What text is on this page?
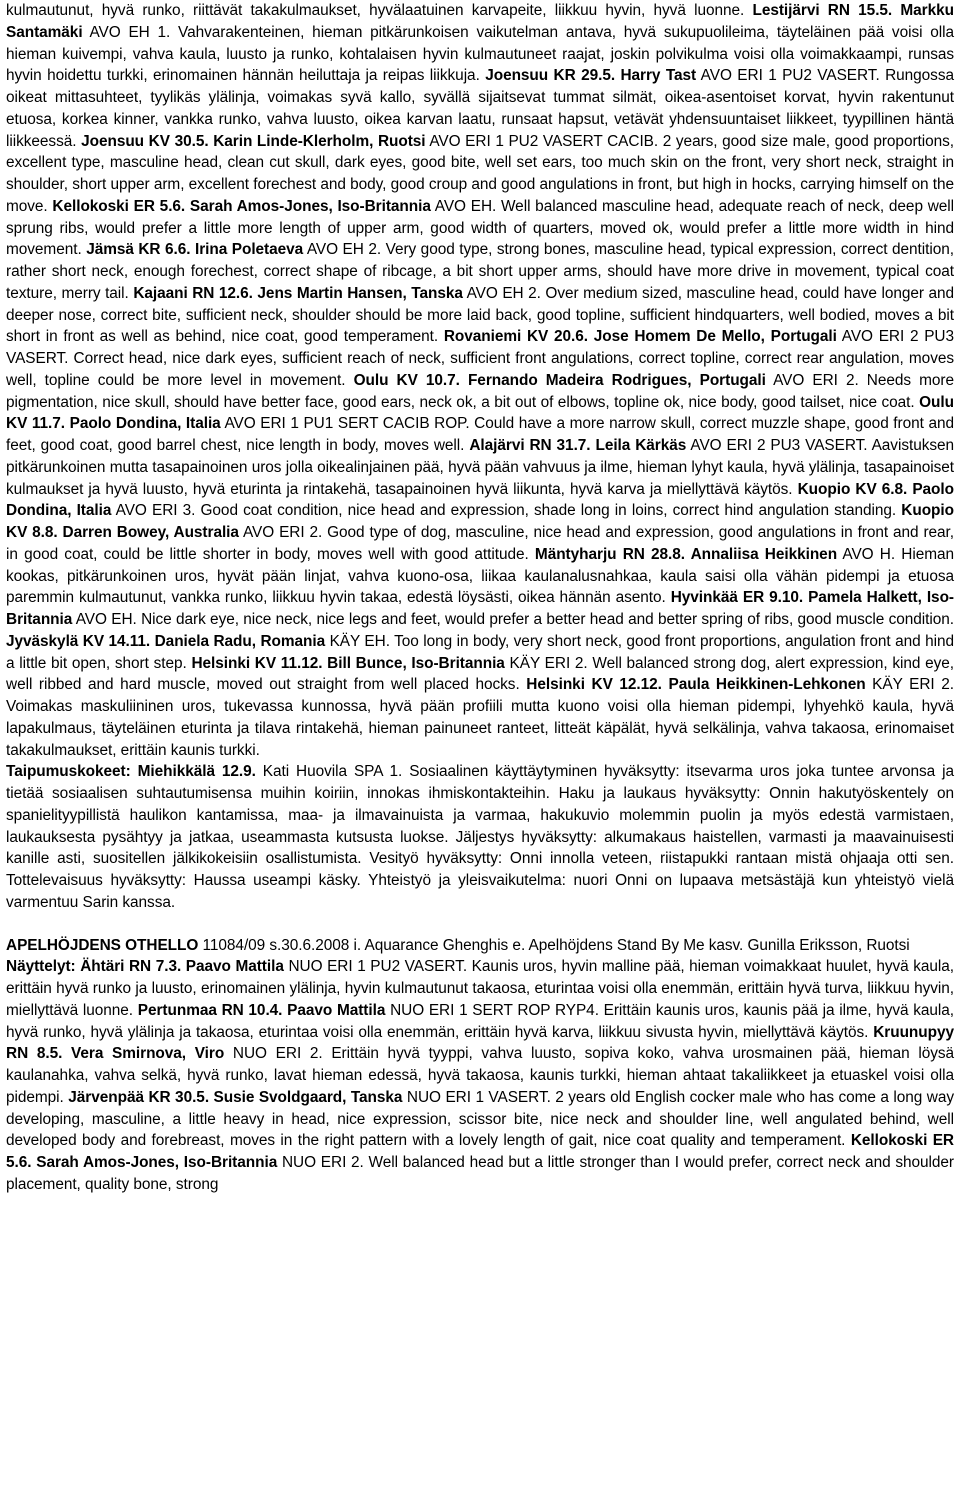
kulmautunut, hyvä runko, riittävät takakulmaukset, hyvälaatuinen karvapeite, liikkuu hyvin, hyvä luonne. Lestijärvi RN 15.5. Markku Santamäki AVO EH 1. Vahvarakenteinen, hieman pitkärunkoisen vaikutelman antava, hyvä sukupuolileima, täyteläinen pää voisi olla hieman kuivempi, vahva kaula, luusto ja runko, kohtalaisen hyvin kulmautuneet raajat, joskin polvikulma voisi olla voimakkaampi, runsas hyvin hoidettu turkki, erinomainen hännän heiluttaja ja reipas liikkuja. Joensuu KR 29.5. Harry Tast AVO ERI 1 PU2 VASERT. Rungossa oikeat mittasuhteet, tyylikäs ylälinja, voimakas syvä kallo, syvällä sijaitsevat tummat silmät, oikea-asentoiset korvat, hyvin rakentunut etuosa, korkea kinner, vankka runko, vahva luusto, oikea karvan laatu, runsaat hapsut, vetävät yhdensuuntaiset liikkeet, tyypillinen häntä liikkeessä. Joensuu KV 30.5. Karin Linde-Klerholm, Ruotsi AVO ERI 1 PU2 VASERT CACIB. 2 years, good size male, good proportions, excellent type, masculine head, clean cut skull, dark eyes, good bite, well set ears, too much skin on the front, very short neck, straight in shoulder, short upper arm, excellent forechest and body, good croup and good angulations in front, but high in hocks, carrying himself on the move. Kellokoski ER 5.6. Sarah Amos-Jones, Iso-Britannia AVO EH. Well balanced masculine head, adequate reach of neck, deep well sprung ribs, would prefer a little more length of upper arm, good width of quarters, moved ok, would prefer a little more width in hind movement. Jämsä KR 6.6. Irina Poletaeva AVO EH 2. Very good type, strong bones, masculine head, typical expression, correct dentition, rather short neck, enough forechest, correct shape of ribcage, a bit short upper arms, should have more drive in movement, typical coat texture, merry tail. Kajaani RN 12.6. Jens Martin Hansen, Tanska AVO EH 2. Over medium sized, masculine head, could have longer and deeper nose, correct bite, sufficient neck, shoulder should be more laid back, good topline, sufficient hindquarters, well bodied, moves a bit short in front as well as behind, nice coat, good temperament. Rovaniemi KV 20.6. Jose Homem De Mello, Portugali AVO ERI 2 PU3 VASERT. Correct head, nice dark eyes, sufficient reach of neck, sufficient front angulations, correct topline, correct rear angulation, moves well, topline could be more level in movement. Oulu KV 10.7. Fernando Madeira Rodrigues, Portugali AVO ERI 2. Needs more pigmentation, nice skull, should have better face, good ears, neck ok, a bit out of elbows, topline ok, nice body, good tailset, nice coat. Oulu KV 11.7. Paolo Dondina, Italia AVO ERI 1 PU1 SERT CACIB ROP. Could have a more narrow skull, correct muzzle shape, good front and feet, good coat, good barrel chest, nice length in body, moves well. Alajärvi RN 31.7. Leila Kärkäs AVO ERI 2 PU3 VASERT. Aavistuksen pitkärunkoinen mutta tasapainoinen uros jolla oikealinjainen pää, hyvä pään vahvuus ja ilme, hieman lyhyt kaula, hyvä ylälinja, tasapainoiset kulmaukset ja hyvä luusto, hyvä eturinta ja rintakehä, tasapainoinen hyvä liikunta, hyvä karva ja miellyttävä käytös. Kuopio KV 6.8. Paolo Dondina, Italia AVO ERI 3. Good coat condition, nice head and expression, shade long in loins, correct hind angulation standing. Kuopio KV 8.8. Darren Bowey, Australia AVO ERI 2. Good type of dog, masculine, nice head and expression, good angulations in front and rear, in good coat, could be little shorter in body, moves well with good attitude. Mäntyharju RN 28.8. Annaliisa Heikkinen AVO H. Hieman kookas, pitkärunkoinen uros, hyvät pään linjat, vahva kuono-osa, liikaa kaulanalusnahkaa, kaula saisi olla vähän pidempi ja etuosa paremmin kulmautunut, vankka runko, liikkuu hyvin takaa, edestä löysästi, oikea hännän asento. Hyvinkää ER 9.10. Pamela Halkett, Iso-Britannia AVO EH. Nice dark eye, nice neck, nice legs and feet, would prefer a better head and better spring of ribs, good muscle condition. Jyväskylä KV 14.11. Daniela Radu, Romania KÄY EH. Too long in body, very short neck, good front proportions, angulation front and hind a little bit open, short step. Helsinki KV 11.12. Bill Bunce, Iso-Britannia KÄY ERI 2. Well balanced strong dog, alert expression, kind eye, well ribbed and hard muscle, moved out straight from well placed hocks. Helsinki KV 12.12. Paula Heikkinen-Lehkonen KÄY ERI 2. Voimakas maskuliininen uros, tukevassa kunnossa, hyvä pään profiili mutta kuono voisi olla hieman pidempi, lyhyehkö kaula, hyvä lapakulmaus, täyteläinen eturinta ja tilava rintakehä, hieman painuneet ranteet, litteät käpälät, hyvä selkälinja, vahva takaosa, erinomaiset takakulmaukset, erittäin kaunis turkki.

Taipumuskokeet: Miehikkälä 12.9. Kati Huovila SPA 1. Sosiaalinen käyttäytyminen hyväksytty: itsevarma uros joka tuntee arvonsa ja tietää sosiaalisen suhtautumisensa muihin koiriin, innokas ihmiskontakteihin. Haku ja laukaus hyväksytty: Onnin hakutyöskentely on spanielityypillistä haulikon kantamissa, maa- ja ilmavainuista ja varmaa, hakukuvio molemmin puolin ja myös edestä varmistaen, laukauksesta pysähtyy ja jatkaa, useammasta kutsusta luokse. Jäljestys hyväksytty: alkumakaus haistellen, varmasti ja maavainuisesti kanille asti, suositellen jälkikokeisiin osallistumista. Vesityö hyväksytty: Onni innolla veteen, riistapukki rantaan mistä ohjaaja otti sen. Tottelevaisuus hyväksytty: Haussa useampi käsky. Yhteistyö ja yleisvaikutelma: nuori Onni on lupaava metsästäjä kun yhteistyö vielä varmentuu Sarin kanssa.

APELHÖJDENS OTHELLO 11084/09 s.30.6.2008 i. Aquarance Ghenghis e. Apelhöjdens Stand By Me kasv. Gunilla Eriksson, Ruotsi

Näyttelyt: Ähtäri RN 7.3. Paavo Mattila NUO ERI 1 PU2 VASERT. Kaunis uros, hyvin malline pää, hieman voimakkaat huulet, hyvä kaula, erittäin hyvä runko ja luusto, erinomainen ylälinja, hyvin kulmautunut takaosa, eturintaa voisi olla enemmän, erittäin hyvä turva, liikkuu hyvin, miellyttävä luonne. Pertunmaa RN 10.4. Paavo Mattila NUO ERI 1 SERT ROP RYP4. Erittäin kaunis uros, kaunis pää ja ilme, hyvä kaula, hyvä runko, hyvä ylälinja ja takaosa, eturintaa voisi olla enemmän, erittäin hyvä karva, liikkuu sivusta hyvin, miellyttävä käytös. Kruunupyy RN 8.5. Vera Smirnova, Viro NUO ERI 2. Erittäin hyvä tyyppi, vahva luusto, sopiva koko, vahva urosmainen pää, hieman löysä kaulanahka, vahva selkä, hyvä runko, lavat hieman edessä, hyvä takaosa, kaunis turkki, hieman ahtaat takaliikkeet ja etuaskel voisi olla pidempi. Järvenpää KR 30.5. Susie Svoldgaard, Tanska NUO ERI 1 VASERT. 2 years old English cocker male who has come a long way developing, masculine, a little heavy in head, nice expression, scissor bite, nice neck and shoulder line, well angulated behind, well developed body and forebreast, moves in the right pattern with a lovely length of gait, nice coat quality and temperament. Kellokoski ER 5.6. Sarah Amos-Jones, Iso-Britannia NUO ERI 2. Well balanced head but a little stronger than I would prefer, correct neck and shoulder placement, quality bone, strong
